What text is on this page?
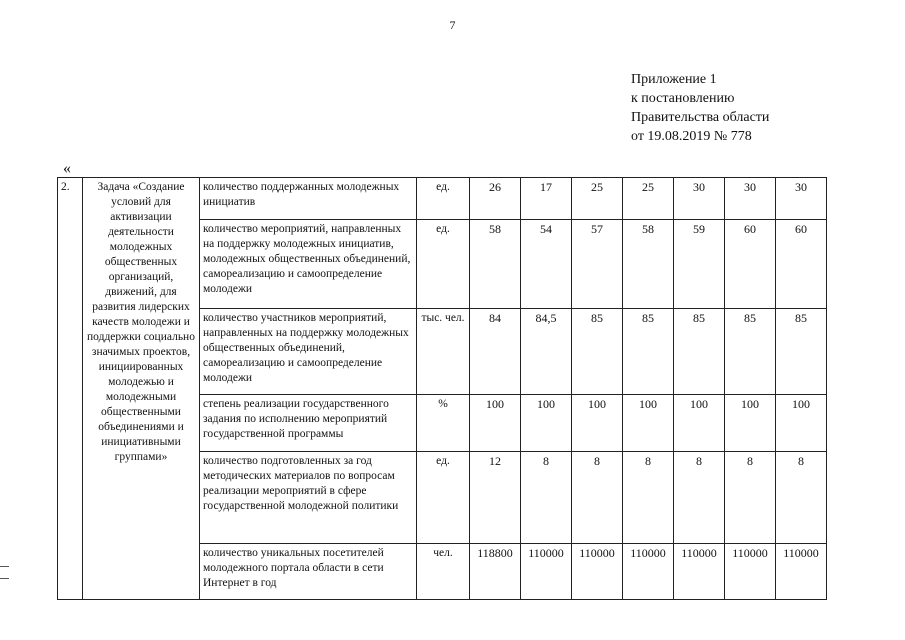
7
Приложение 1
к постановлению
Правительства области
от 19.08.2019 № 778
«
2.	Задача «Создание условий для активизации деятельности молодежных общественных организаций, движений, для развития лидерских качеств молодежи и поддержки социально значимых проектов, инициированных молодежью и молодежными общественными объединениями и инициативными группами»	количество поддержанных молодежных инициатив	ед.	26	17	25	25	30	30	30
		количество мероприятий, направленных на поддержку молодежных инициатив, молодежных общественных объединений, самореализацию и самоопределение молодежи	ед.	58	54	57	58	59	60	60
		количество участников мероприятий, направленных на поддержку молодежных общественных объединений, самореализацию и самоопределение молодежи	тыс. чел.	84	84,5	85	85	85	85	85
		степень реализации государственного задания по исполнению мероприятий государственной программы	%	100	100	100	100	100	100	100
		количество подготовленных за год методических материалов по вопросам реализации мероприятий в сфере государственной молодежной политики	ед.	12	8	8	8	8	8	8
		количество уникальных посетителей молодежного портала области в сети Интернет в год	чел.	118800	110000	110000	110000	110000	110000	110000
